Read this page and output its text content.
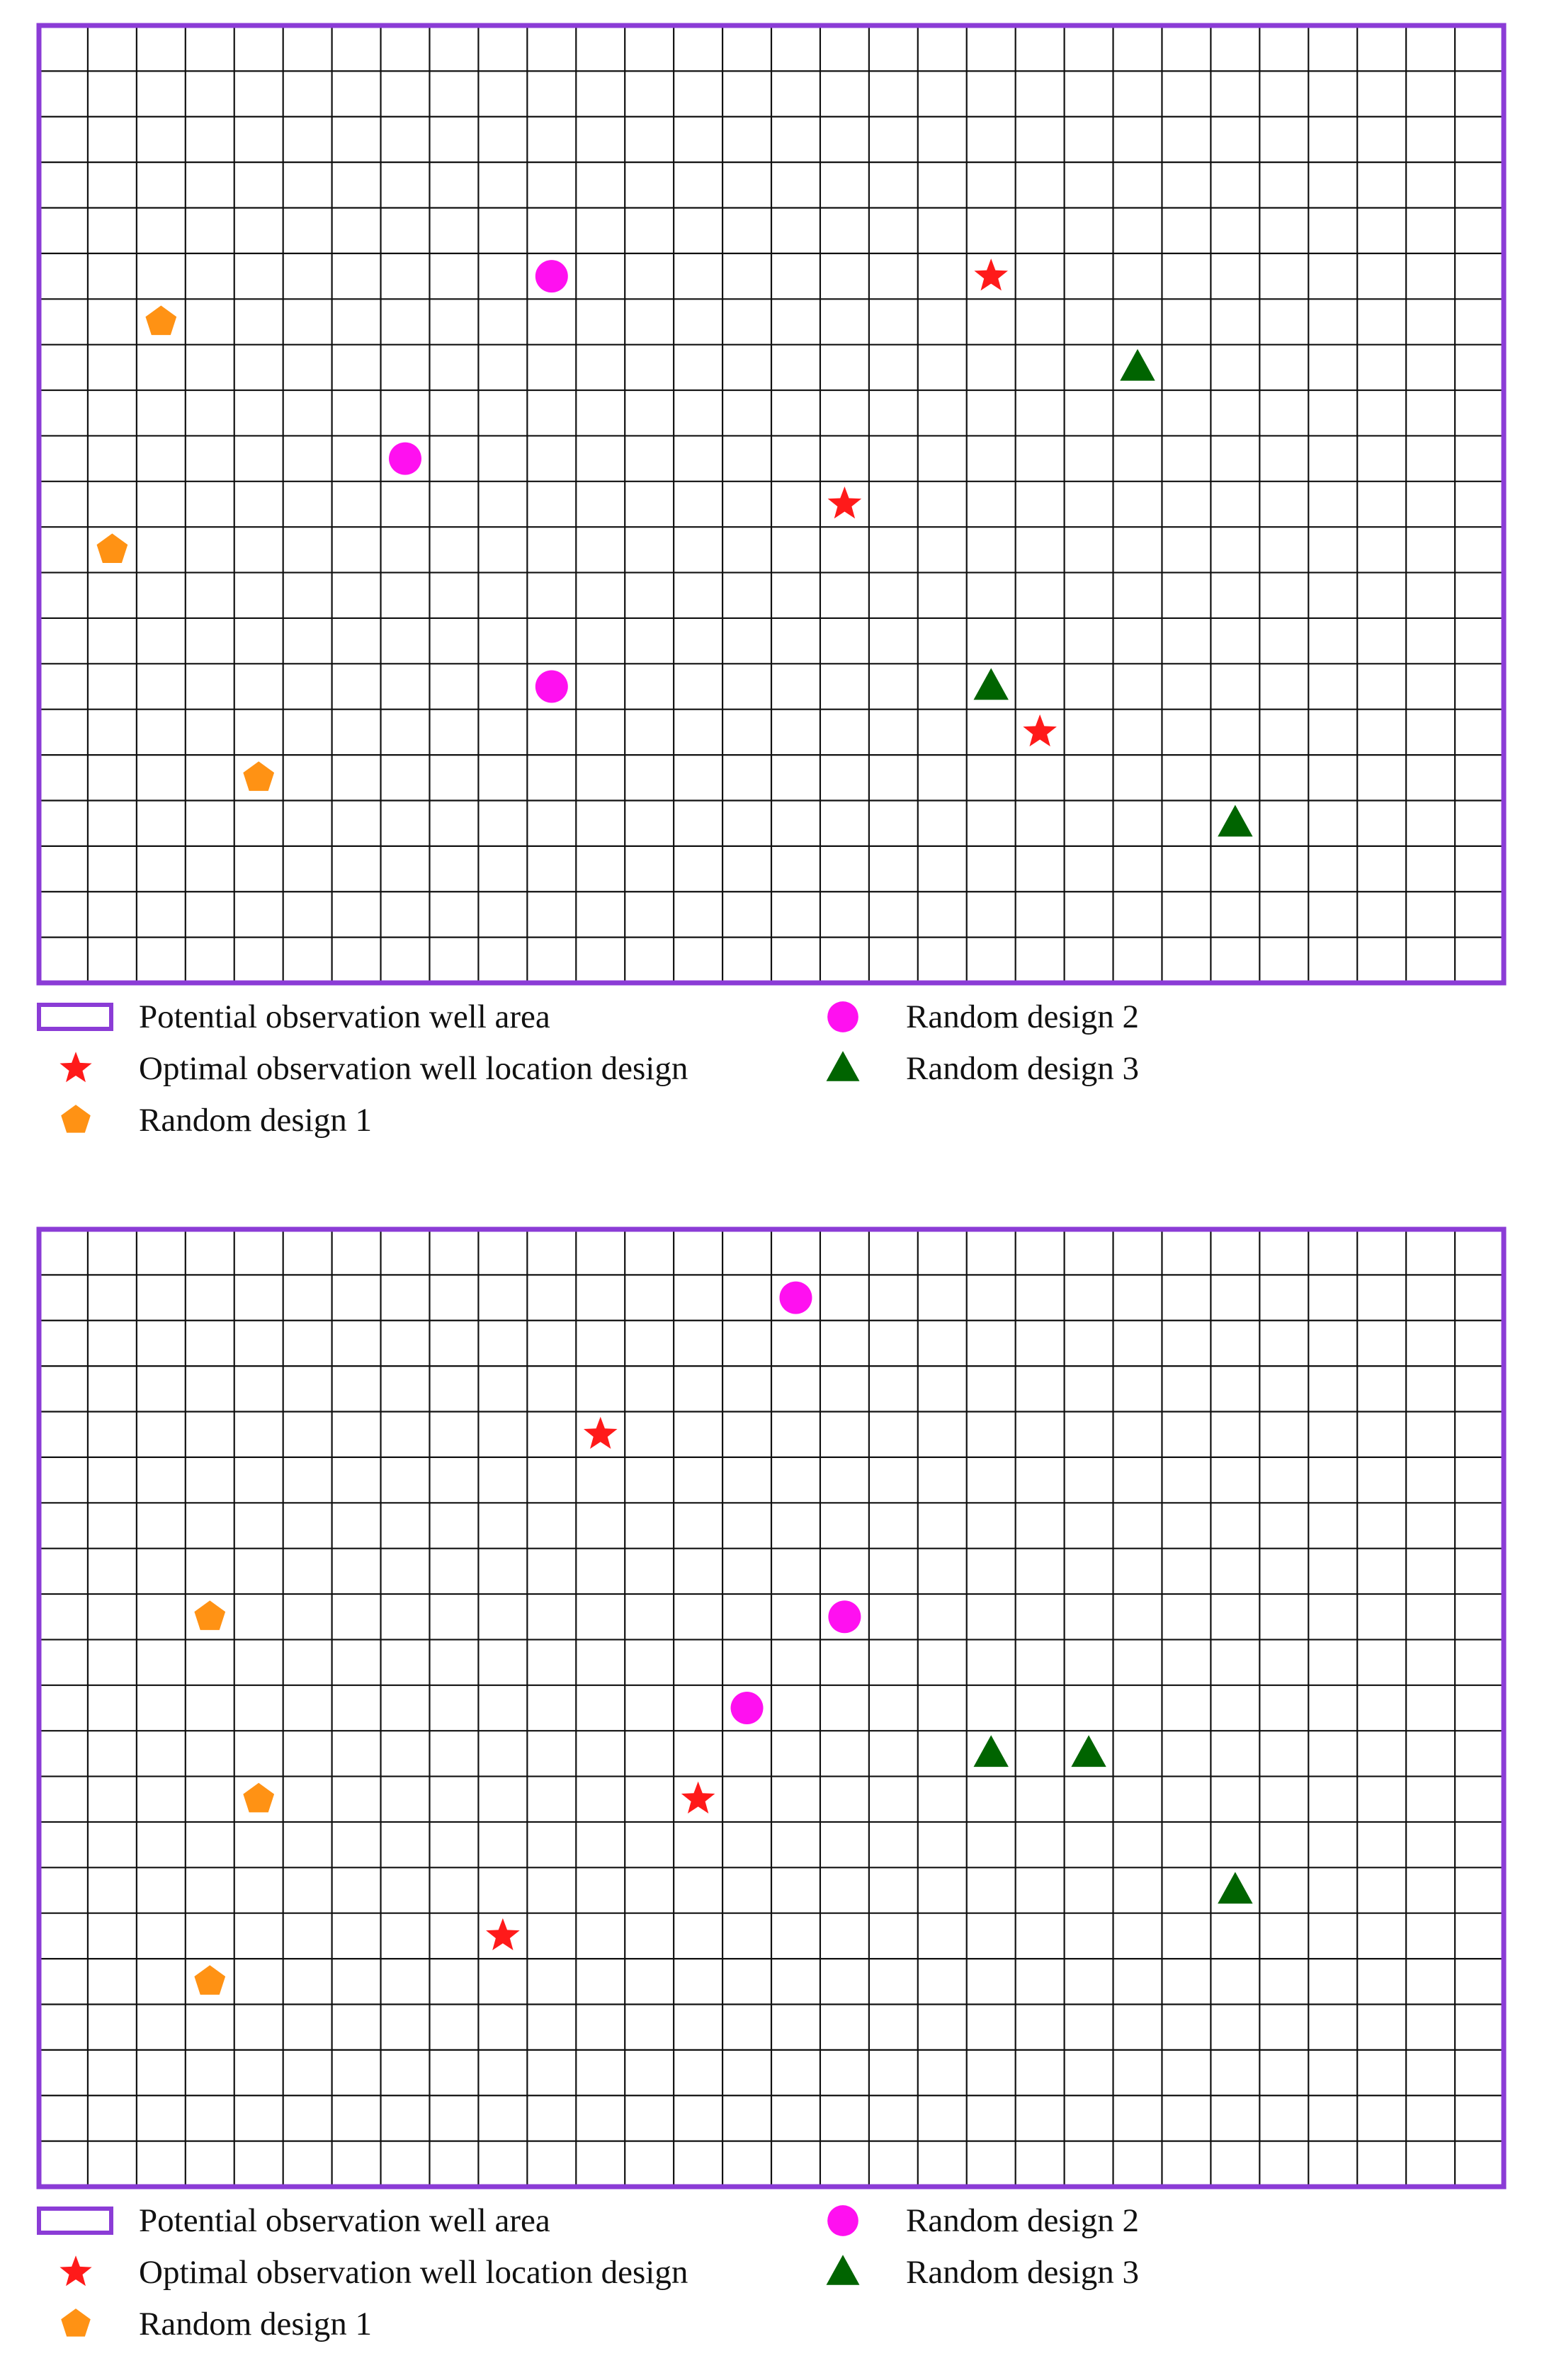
Potential observation well area
Optimal observation well location design
Random design 1
Random design 2
Random design 3
Potential observation well area
Optimal observation well location design
Random design 1
Random design 2
Random design 3
